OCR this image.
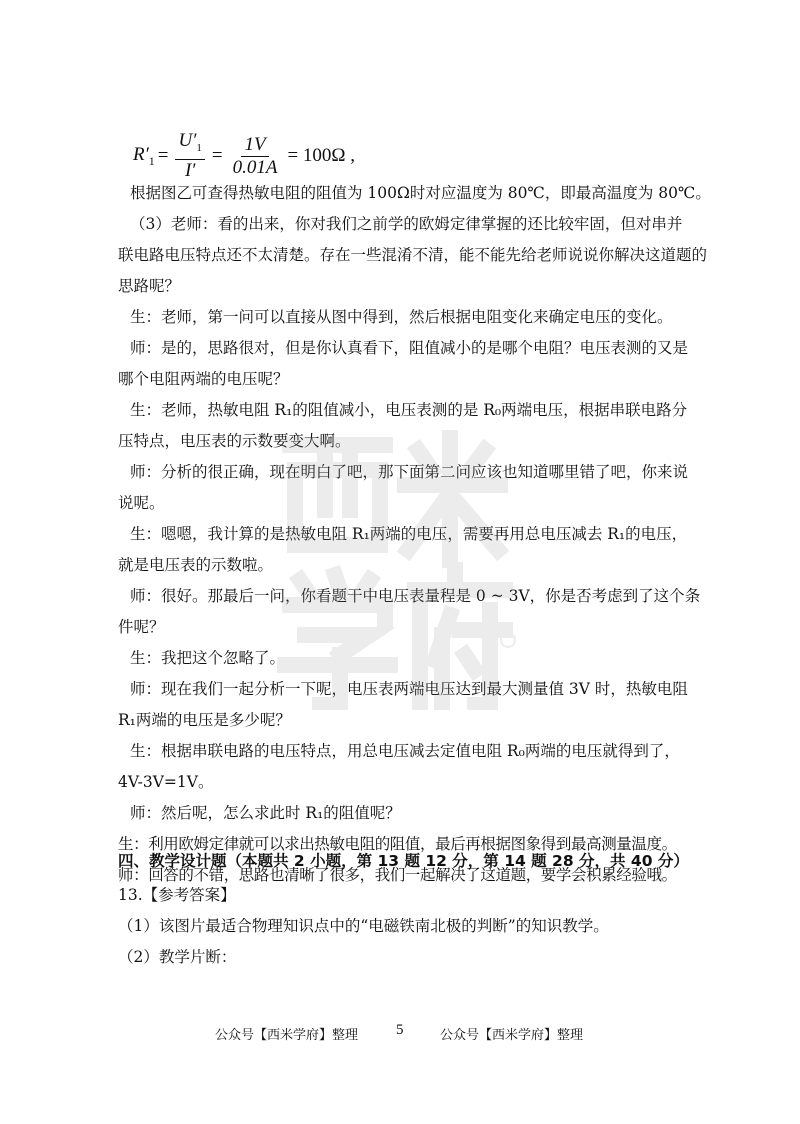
$R'_1 = \frac{U'_1}{I'} = \frac{1V}{0.01A} = 100\Omega$ ,
根据图乙可查得热敏电阻的阻值为 100Ω时对应温度为 80℃，即最高温度为 80℃。
（3）老师：看的出来，你对我们之前学的欧姆定律掌握的还比较牢固，但对串并
联电路电压特点还不太清楚。存在一些混淆不清，能不能先给老师说说你解决这道题的
思路呢？
生：老师，第一问可以直接从图中得到，然后根据电阻变化来确定电压的变化。
师：是的，思路很对，但是你认真看下，阻值减小的是哪个电阻？电压表测的又是
哪个电阻两端的电压呢？
生：老师，热敏电阻 R₁的阻值减小，电压表测的是 R₀两端电压，根据串联电路分
压特点，电压表的示数要变大啊。
师：分析的很正确，现在明白了吧，那下面第二问应该也知道哪里错了吧，你来说
说呢。
生：嗯嗯，我计算的是热敏电阻 R₁两端的电压，需要再用总电压减去 R₁的电压，
就是电压表的示数啦。
师：很好。那最后一问，你看题干中电压表量程是 0 ~ 3V，你是否考虑到了这个条
件呢？
生：我把这个忽略了。
师：现在我们一起分析一下呢，电压表两端电压达到最大测量值 3V 时，热敏电阻
R₁两端的电压是多少呢？
生：根据串联电路的电压特点，用总电压减去定值电阻 R₀两端的电压就得到了，
4V-3V=1V。
师：然后呢，怎么求此时 R₁的阻值呢？
生：利用欧姆定律就可以求出热敏电阻的阻值，最后再根据图象得到最高测量温度。
师：回答的不错，思路也清晰了很多，我们一起解决了这道题，要学会积累经验哦。
四、教学设计题（本题共 2 小题，第 13 题 12 分，第 14 题 28 分，共 40 分）
13.【参考答案】
（1）该图片最适合物理知识点中的“电磁铁南北极的判断”的知识教学。
（2）教学片断：
公众号【西米学府】整理	5	公众号【西米学府】整理
